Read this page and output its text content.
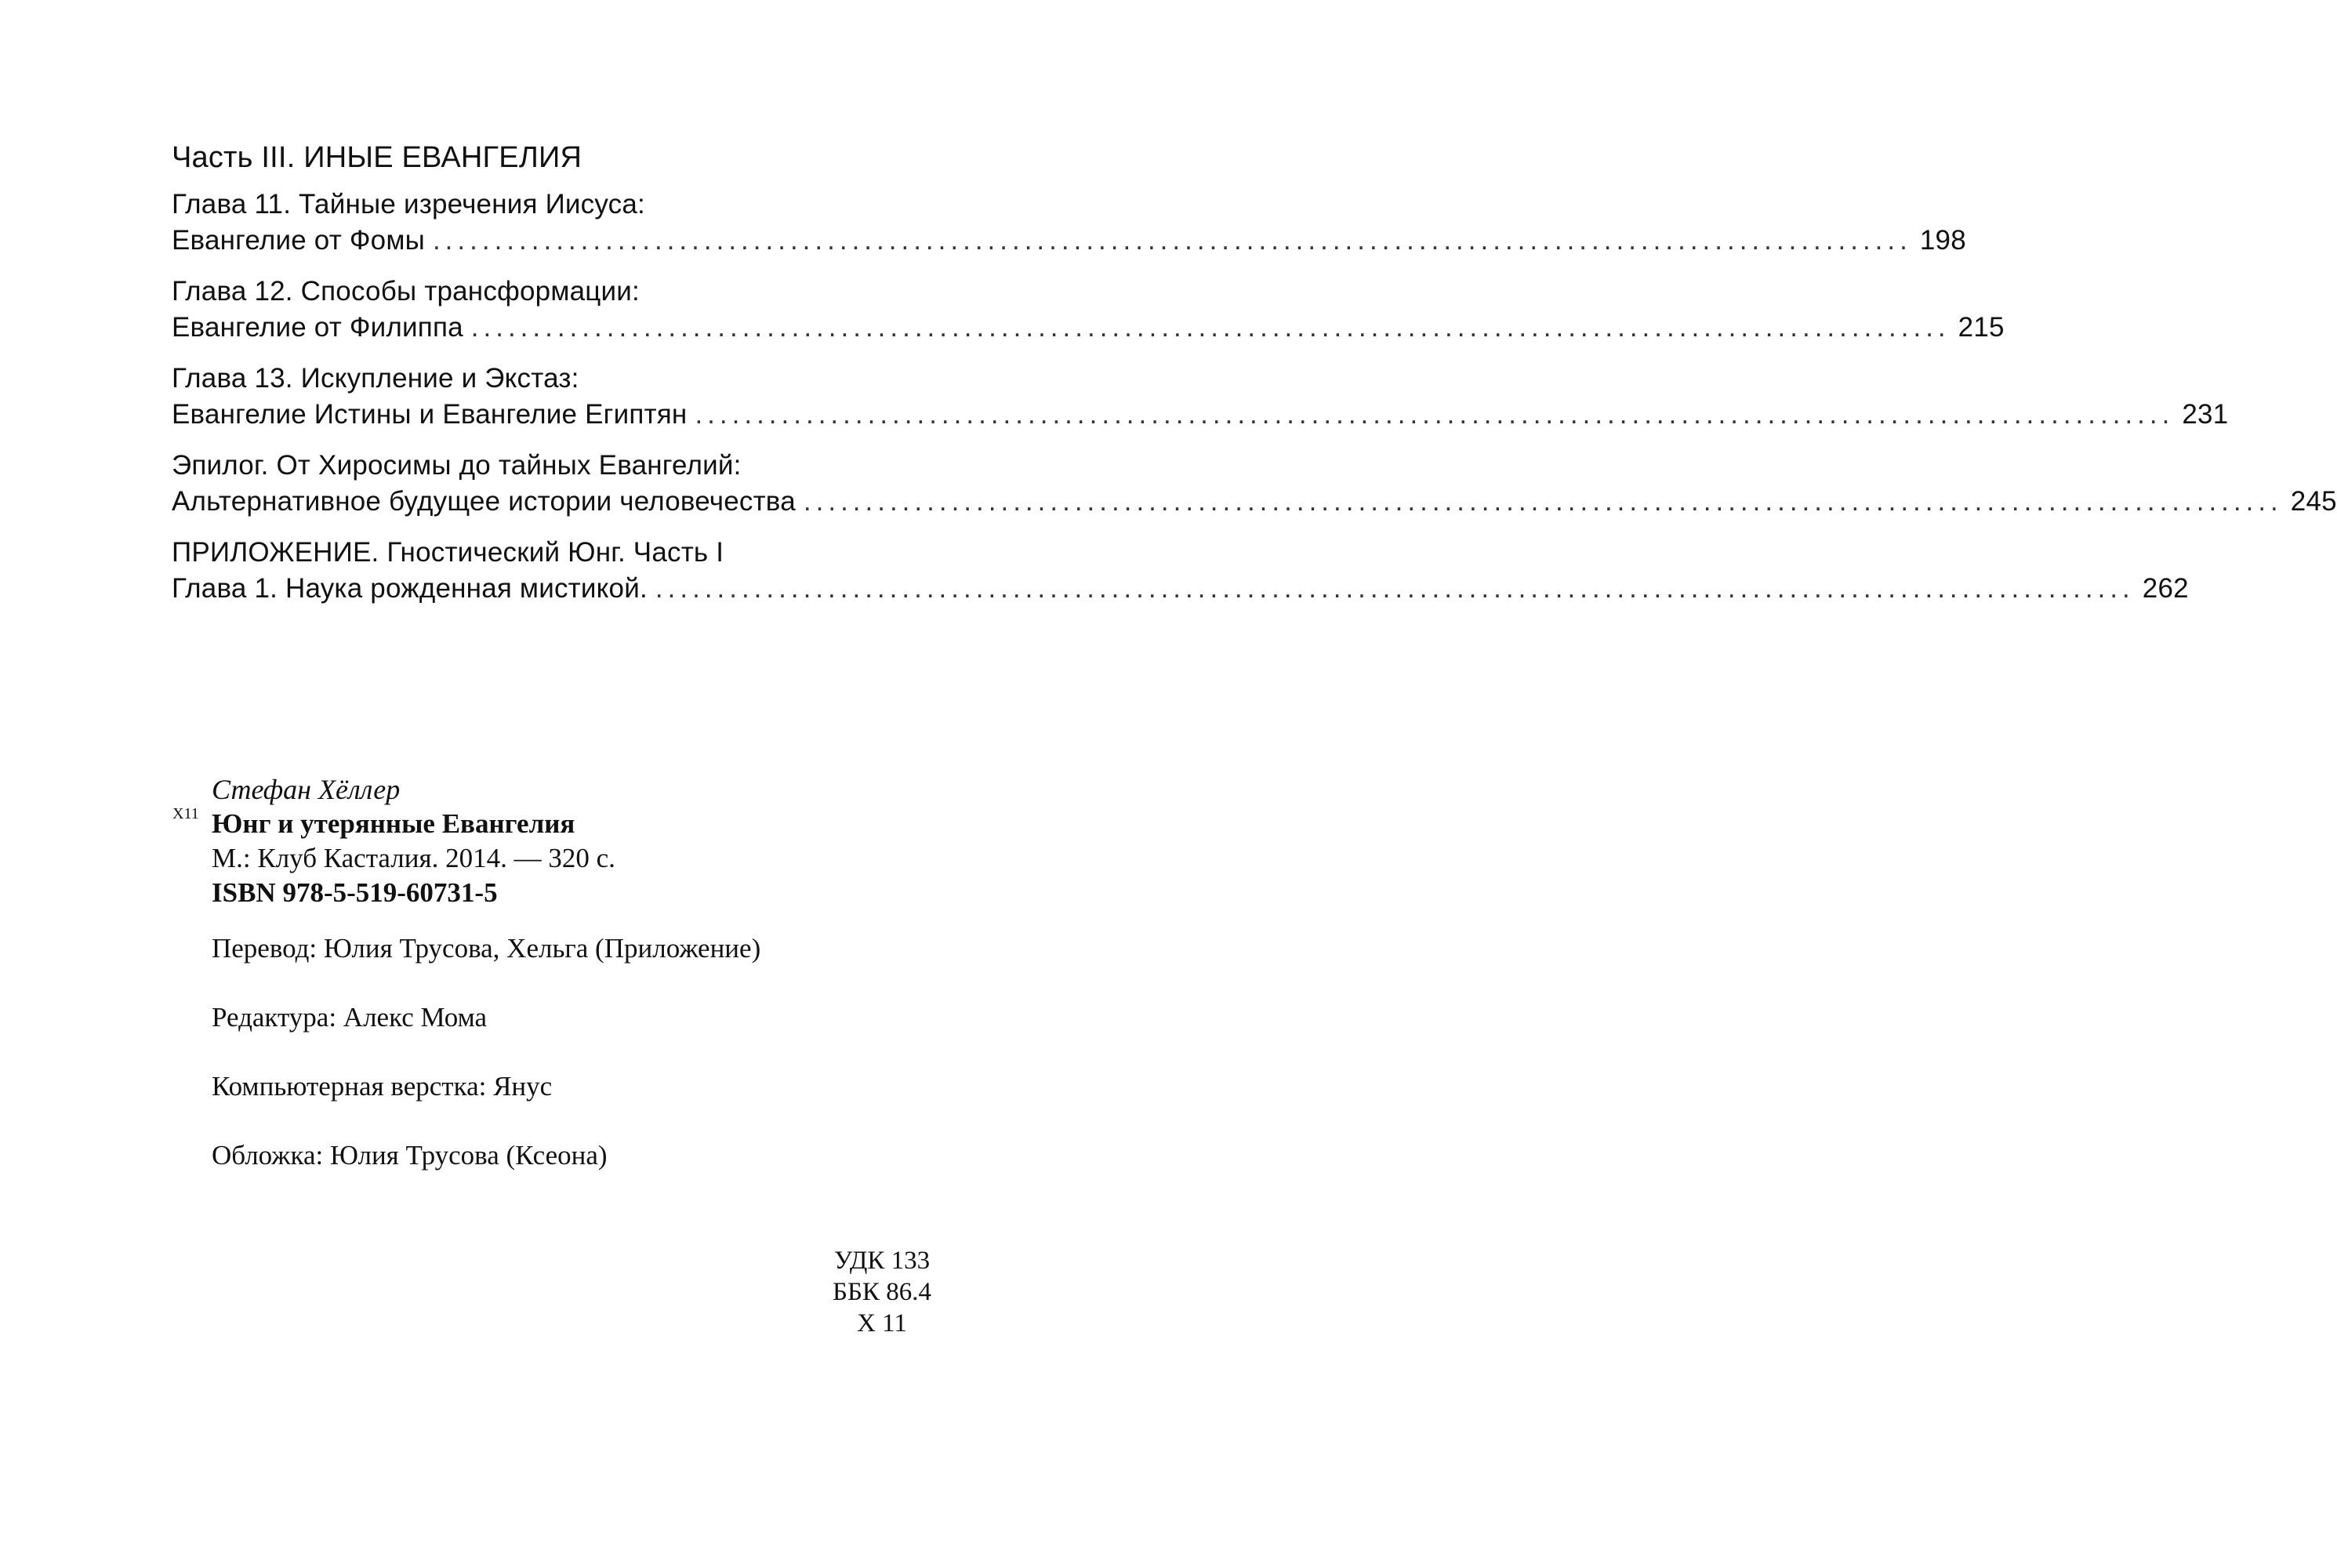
Часть III. ИНЫЕ ЕВАНГЕЛИЯ
Глава 11. Тайные изречения Иисуса:
Евангелие от Фомы ........................................................................................................................ 198
Глава 12. Способы трансформации:
Евангелие от Филиппа ........................................................................................................................ 215
Глава 13. Искупление и Экстаз:
Евангелие Истины и Евангелие Египтян ........................................................................................................................ 231
Эпилог. От Хиросимы до тайных Евангелий:
Альтернативное будущее истории человечества ........................................................................................................................ 245
ПРИЛОЖЕНИЕ. Гностический Юнг. Часть I
Глава 1. Наука рожденная мистикой. ........................................................................................................................ 262
Х11
Стефан Хёллер
Юнг и утерянные Евангелия
М.: Клуб Касталия. 2014. — 320 с.
ISBN 978-5-519-60731-5
Перевод: Юлия Трусова, Хельга (Приложение)
Редактура: Алекс Мома
Компьютерная верстка: Янус
Обложка: Юлия Трусова (Ксеона)
УДК 133
ББК 86.4
Х 11
